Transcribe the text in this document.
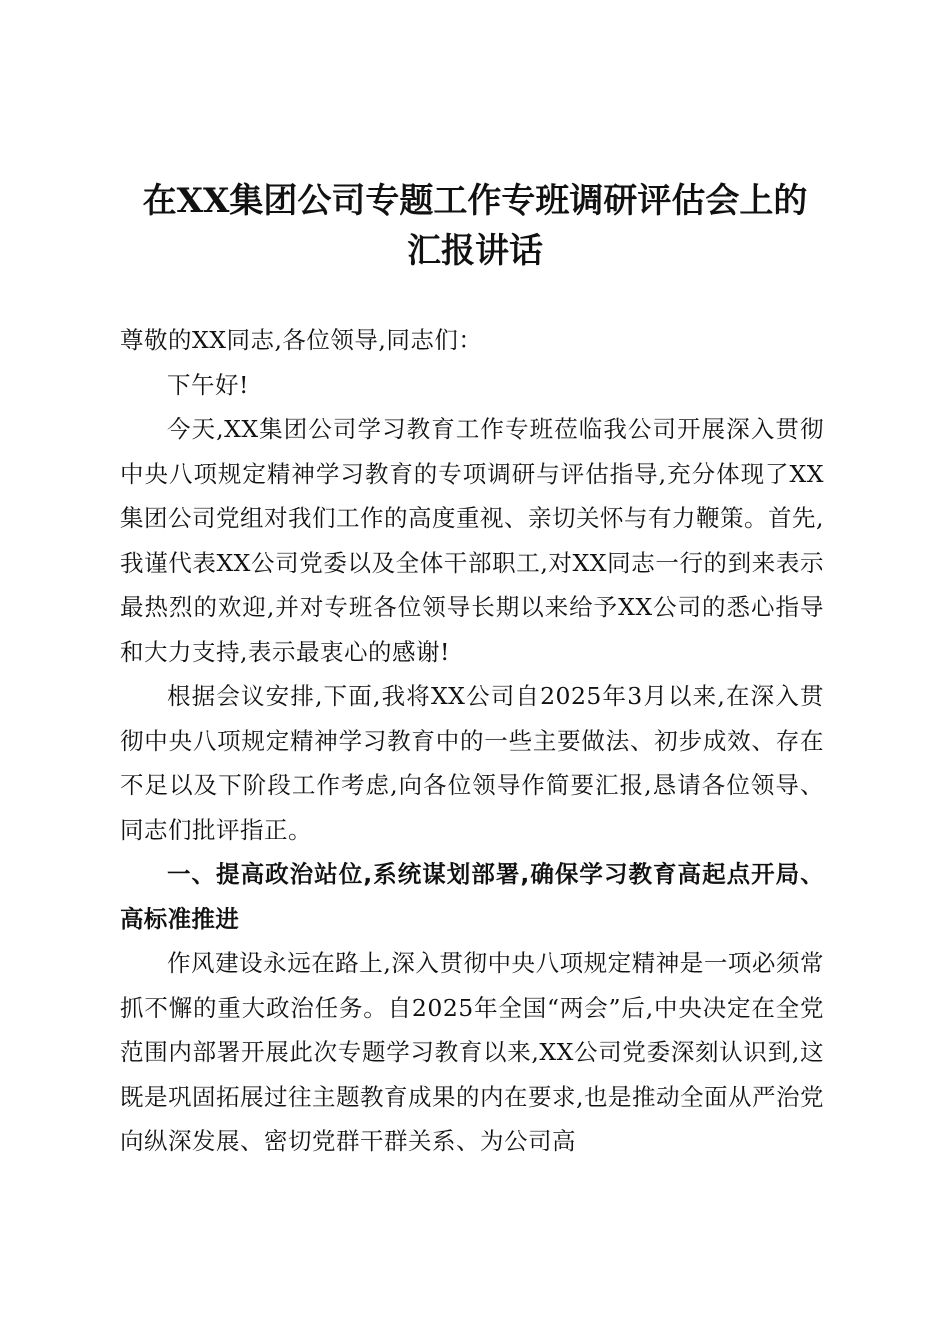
在XX集团公司专题工作专班调研评估会上的
汇报讲话

尊敬的XX同志,各位领导,同志们：

下午好!

今天,XX集团公司学习教育工作专班莅临我公司开展深入贯彻中央八项规定精神学习教育的专项调研与评估指导,充分体现了XX集团公司党组对我们工作的高度重视、亲切关怀与有力鞭策。首先,我谨代表XX公司党委以及全体干部职工,对XX同志一行的到来表示最热烈的欢迎,并对专班各位领导长期以来给予XX公司的悉心指导和大力支持,表示最衷心的感谢!

根据会议安排,下面,我将XX公司自2025年3月以来,在深入贯彻中央八项规定精神学习教育中的一些主要做法、初步成效、存在不足以及下阶段工作考虑,向各位领导作简要汇报,恳请各位领导、同志们批评指正。

一、提高政治站位,系统谋划部署,确保学习教育高起点开局、高标准推进

作风建设永远在路上,深入贯彻中央八项规定精神是一项必须常抓不懈的重大政治任务。自2025年全国“两会”后,中央决定在全党范围内部署开展此次专题学习教育以来,XX公司党委深刻认识到,这既是巩固拓展过往主题教育成果的内在要求,也是推动全面从严治党向纵深发展、密切党群干群关系、为公司高
